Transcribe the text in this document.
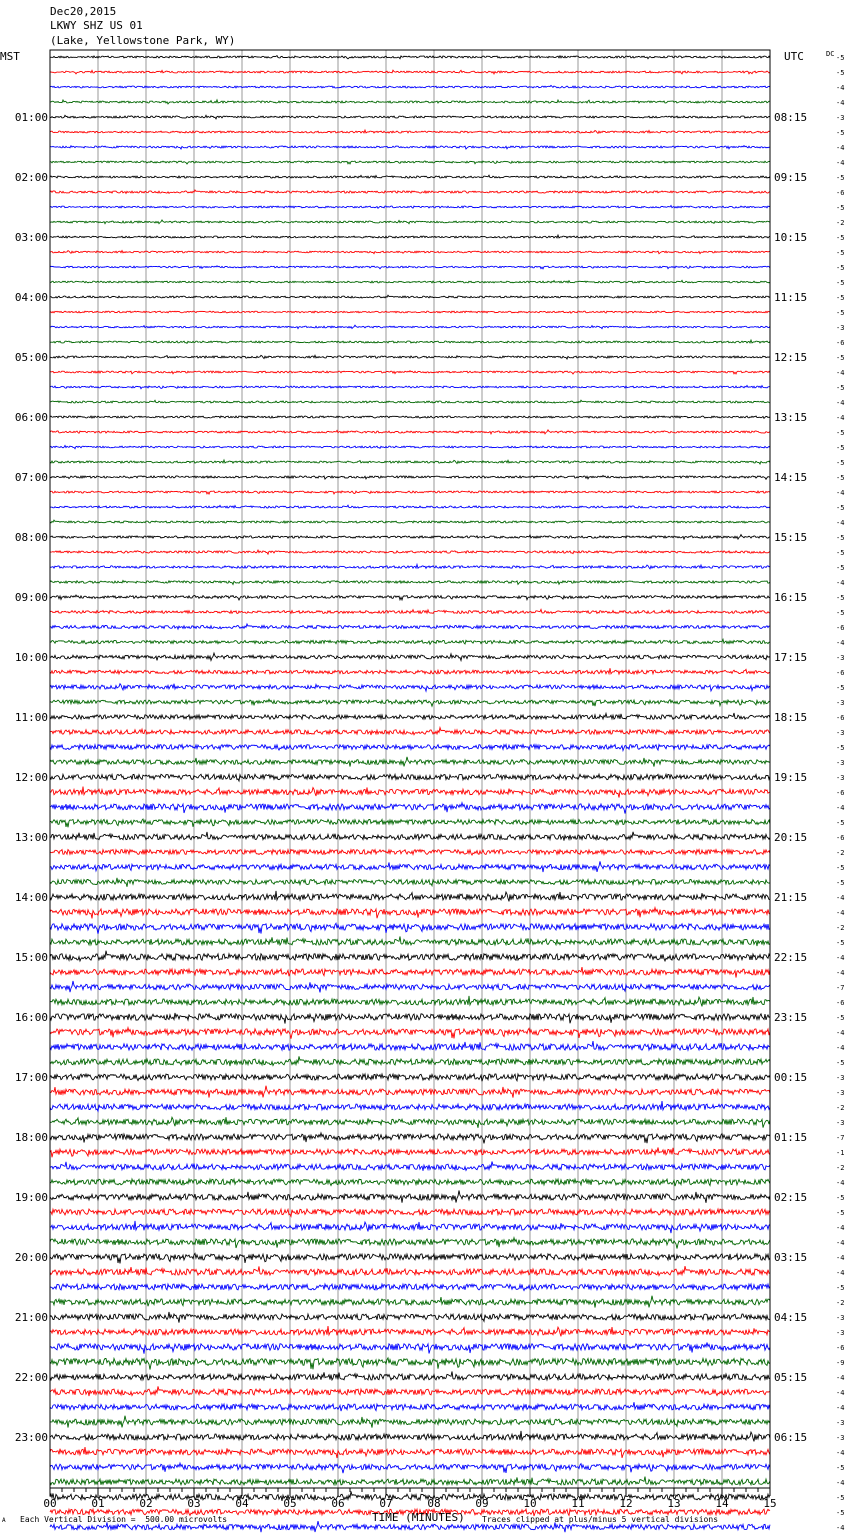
Dec20,2015
LKWY SHZ US 01
(Lake, Yellowstone Park, WY)
MST	UTC	DC
00	01	02	03	04	05	06	07	08	09	10	11	12	13	14	15
01:00
02:00
03:00
04:00
05:00
06:00
07:00
08:00
09:00
10:00
11:00
12:00
13:00
14:00
15:00
16:00
17:00
18:00
19:00
20:00
21:00
22:00
23:00
08:15
09:15
10:15
11:15
12:15
13:15
14:15
15:15
16:15
17:15
18:15
19:15
20:15
21:15
22:15
23:15
00:15
01:15
02:15
03:15
04:15
05:15
06:15
-5
-5
-4
-4
-3
-5
-4
-4
-5
-6
-5
-2
-5
-5
-5
-5
-5
-5
-3
-6
-5
-4
-5
-4
-4
-5
-5
-5
-5
-4
-5
-4
-5
-5
-5
-4
-5
-5
-6
-4
-3
-6
-5
-3
-6
-3
-5
-3
-3
-6
-4
-5
-6
-2
-5
-5
-4
-4
-2
-5
-4
-4
-7
-6
-5
-4
-4
-5
-3
-3
-2
-3
-7
-1
-2
-4
-5
-5
-4
-4
-4
-4
-5
-2
-3
-3
-6
-9
-4
-4
-4
-3
-3
-4
-5
-4
-5
-5
-4
A Each Vertical Division =  500.00 microvolts	TIME (MINUTES) Traces clipped at plus/minus 5 vertical divisions
